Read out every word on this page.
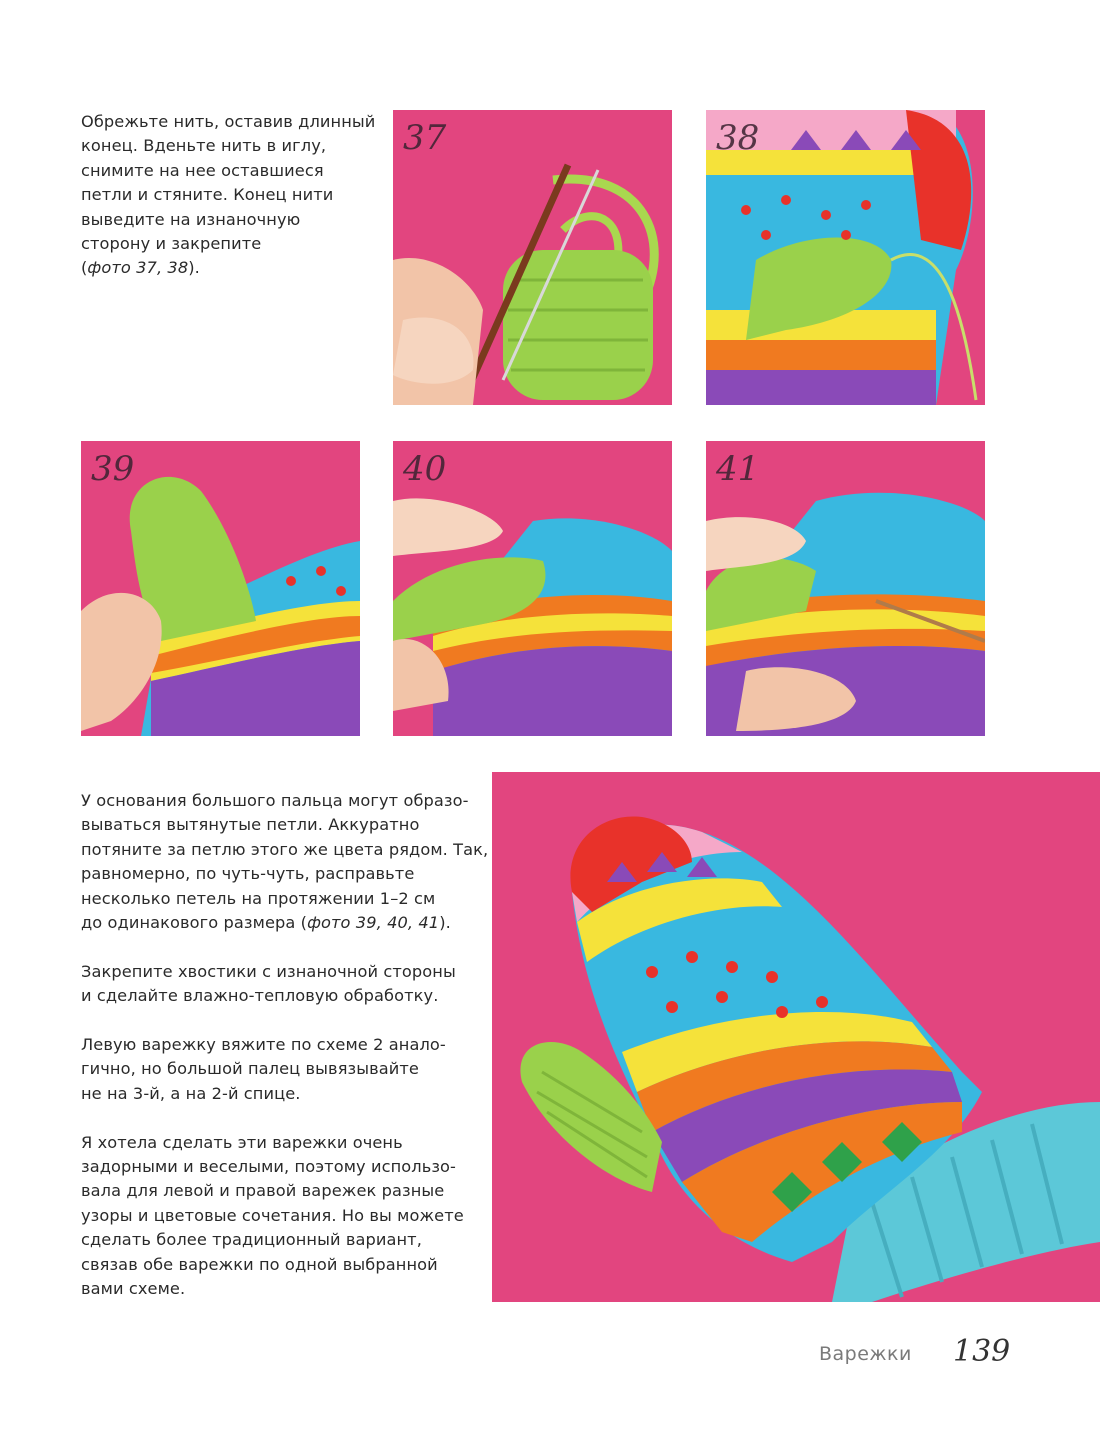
Обрежьте нить, оставив длинный
конец. Вденьте нить в иглу,
снимите на нее оставшиеся
петли и стяните. Конец нити
выведите на изнаночную
сторону и закрепите
(фото 37, 38).

37	38
39	40	41

У основания большого пальца могут образо-
вываться вытянутые петли. Аккуратно
потяните за петлю этого же цвета рядом. Так,
равномерно, по чуть-чуть, расправьте
несколько петель на протяжении 1–2 см
до одинакового размера (фото 39, 40, 41).

Закрепите хвостики с изнаночной стороны
и сделайте влажно-тепловую обработку.

Левую варежку вяжите по схеме 2 анало-
гично, но большой палец вывязывайте
не на 3-й, а на 2-й спице.

Я хотела сделать эти варежки очень
задорными и веселыми, поэтому использо-
вала для левой и правой варежек разные
узоры и цветовые сочетания. Но вы можете
сделать более традиционный вариант,
связав обе варежки по одной выбранной
вами схеме.

Варежки 139
